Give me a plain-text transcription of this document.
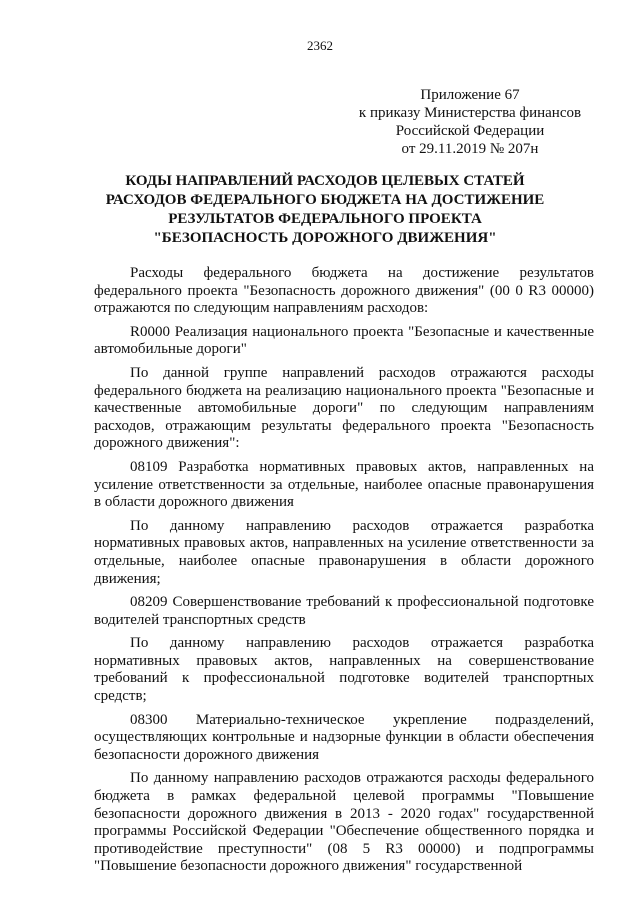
2362
Приложение 67
к приказу Министерства финансов
Российской Федерации
от 29.11.2019 № 207н
КОДЫ НАПРАВЛЕНИЙ РАСХОДОВ ЦЕЛЕВЫХ СТАТЕЙ
РАСХОДОВ ФЕДЕРАЛЬНОГО БЮДЖЕТА НА ДОСТИЖЕНИЕ
РЕЗУЛЬТАТОВ ФЕДЕРАЛЬНОГО ПРОЕКТА
"БЕЗОПАСНОСТЬ ДОРОЖНОГО ДВИЖЕНИЯ"

Расходы федерального бюджета на достижение результатов федерального проекта "Безопасность дорожного движения" (00 0 R3 00000) отражаются по следующим направлениям расходов:

R0000 Реализация национального проекта "Безопасные и качественные автомобильные дороги"

По данной группе направлений расходов отражаются расходы федерального бюджета на реализацию национального проекта "Безопасные и качественные автомобильные дороги" по следующим направлениям расходов, отражающим результаты федерального проекта "Безопасность дорожного движения":

08109 Разработка нормативных правовых актов, направленных на усиление ответственности за отдельные, наиболее опасные правонарушения в области дорожного движения

По данному направлению расходов отражается разработка нормативных правовых актов, направленных на усиление ответственности за отдельные, наиболее опасные правонарушения в области дорожного движения;

08209 Совершенствование требований к профессиональной подготовке водителей транспортных средств

По данному направлению расходов отражается разработка нормативных правовых актов, направленных на совершенствование требований к профессиональной подготовке водителей транспортных средств;

08300 Материально-техническое укрепление подразделений, осуществляющих контрольные и надзорные функции в области обеспечения безопасности дорожного движения

По данному направлению расходов отражаются расходы федерального бюджета в рамках федеральной целевой программы "Повышение безопасности дорожного движения в 2013 - 2020 годах" государственной программы Российской Федерации "Обеспечение общественного порядка и противодействие преступности" (08 5 R3 00000) и подпрограммы "Повышение безопасности дорожного движения" государственной
